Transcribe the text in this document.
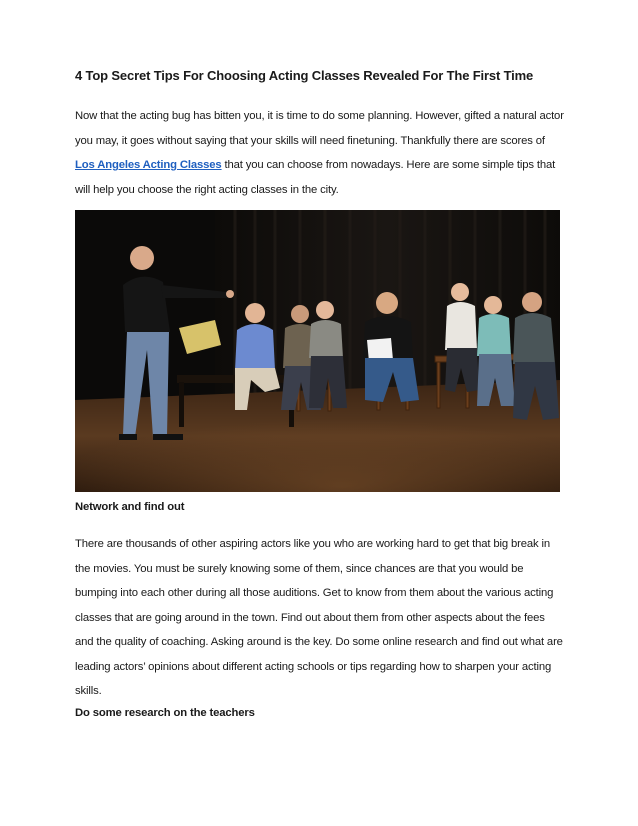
4 Top Secret Tips For Choosing Acting Classes Revealed For The First Time

Now that the acting bug has bitten you, it is time to do some planning. However, gifted a natural actor you may, it goes without saying that your skills will need finetuning. Thankfully there are scores of Los Angeles Acting Classes that you can choose from nowadays. Here are some simple tips that will help you choose the right acting classes in the city.

Network and find out

There are thousands of other aspiring actors like you who are working hard to get that big break in the movies. You must be surely knowing some of them, since chances are that you would be bumping into each other during all those auditions. Get to know from them about the various acting classes that are going around in the town. Find out about them from other aspects about the fees and the quality of coaching. Asking around is the key. Do some online research and find out what are leading actors’ opinions about different acting schools or tips regarding how to sharpen your acting skills.

Do some research on the teachers
